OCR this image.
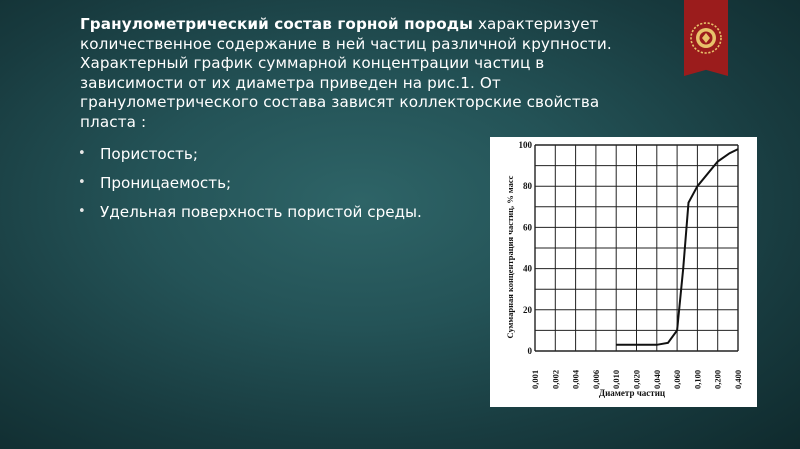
Гранулометрический состав горной породы характеризует
количественное содержание в ней частиц различной крупности.
Характерный график суммарной концентрации частиц в
зависимости от их диаметра приведен на рис.1. От
гранулометрического состава зависят коллекторские свойства
пласта :
• Пористость;
• Проницаемость;
• Удельная поверхность пористой среды.
0,001 0,002 0,004 0,006 0,010 0,020 0,040 0,060 0,100 0,200 0,400
0
20
40
60
80
100
Суммарная концентрация частиц, % масс
Диаметр частиц
